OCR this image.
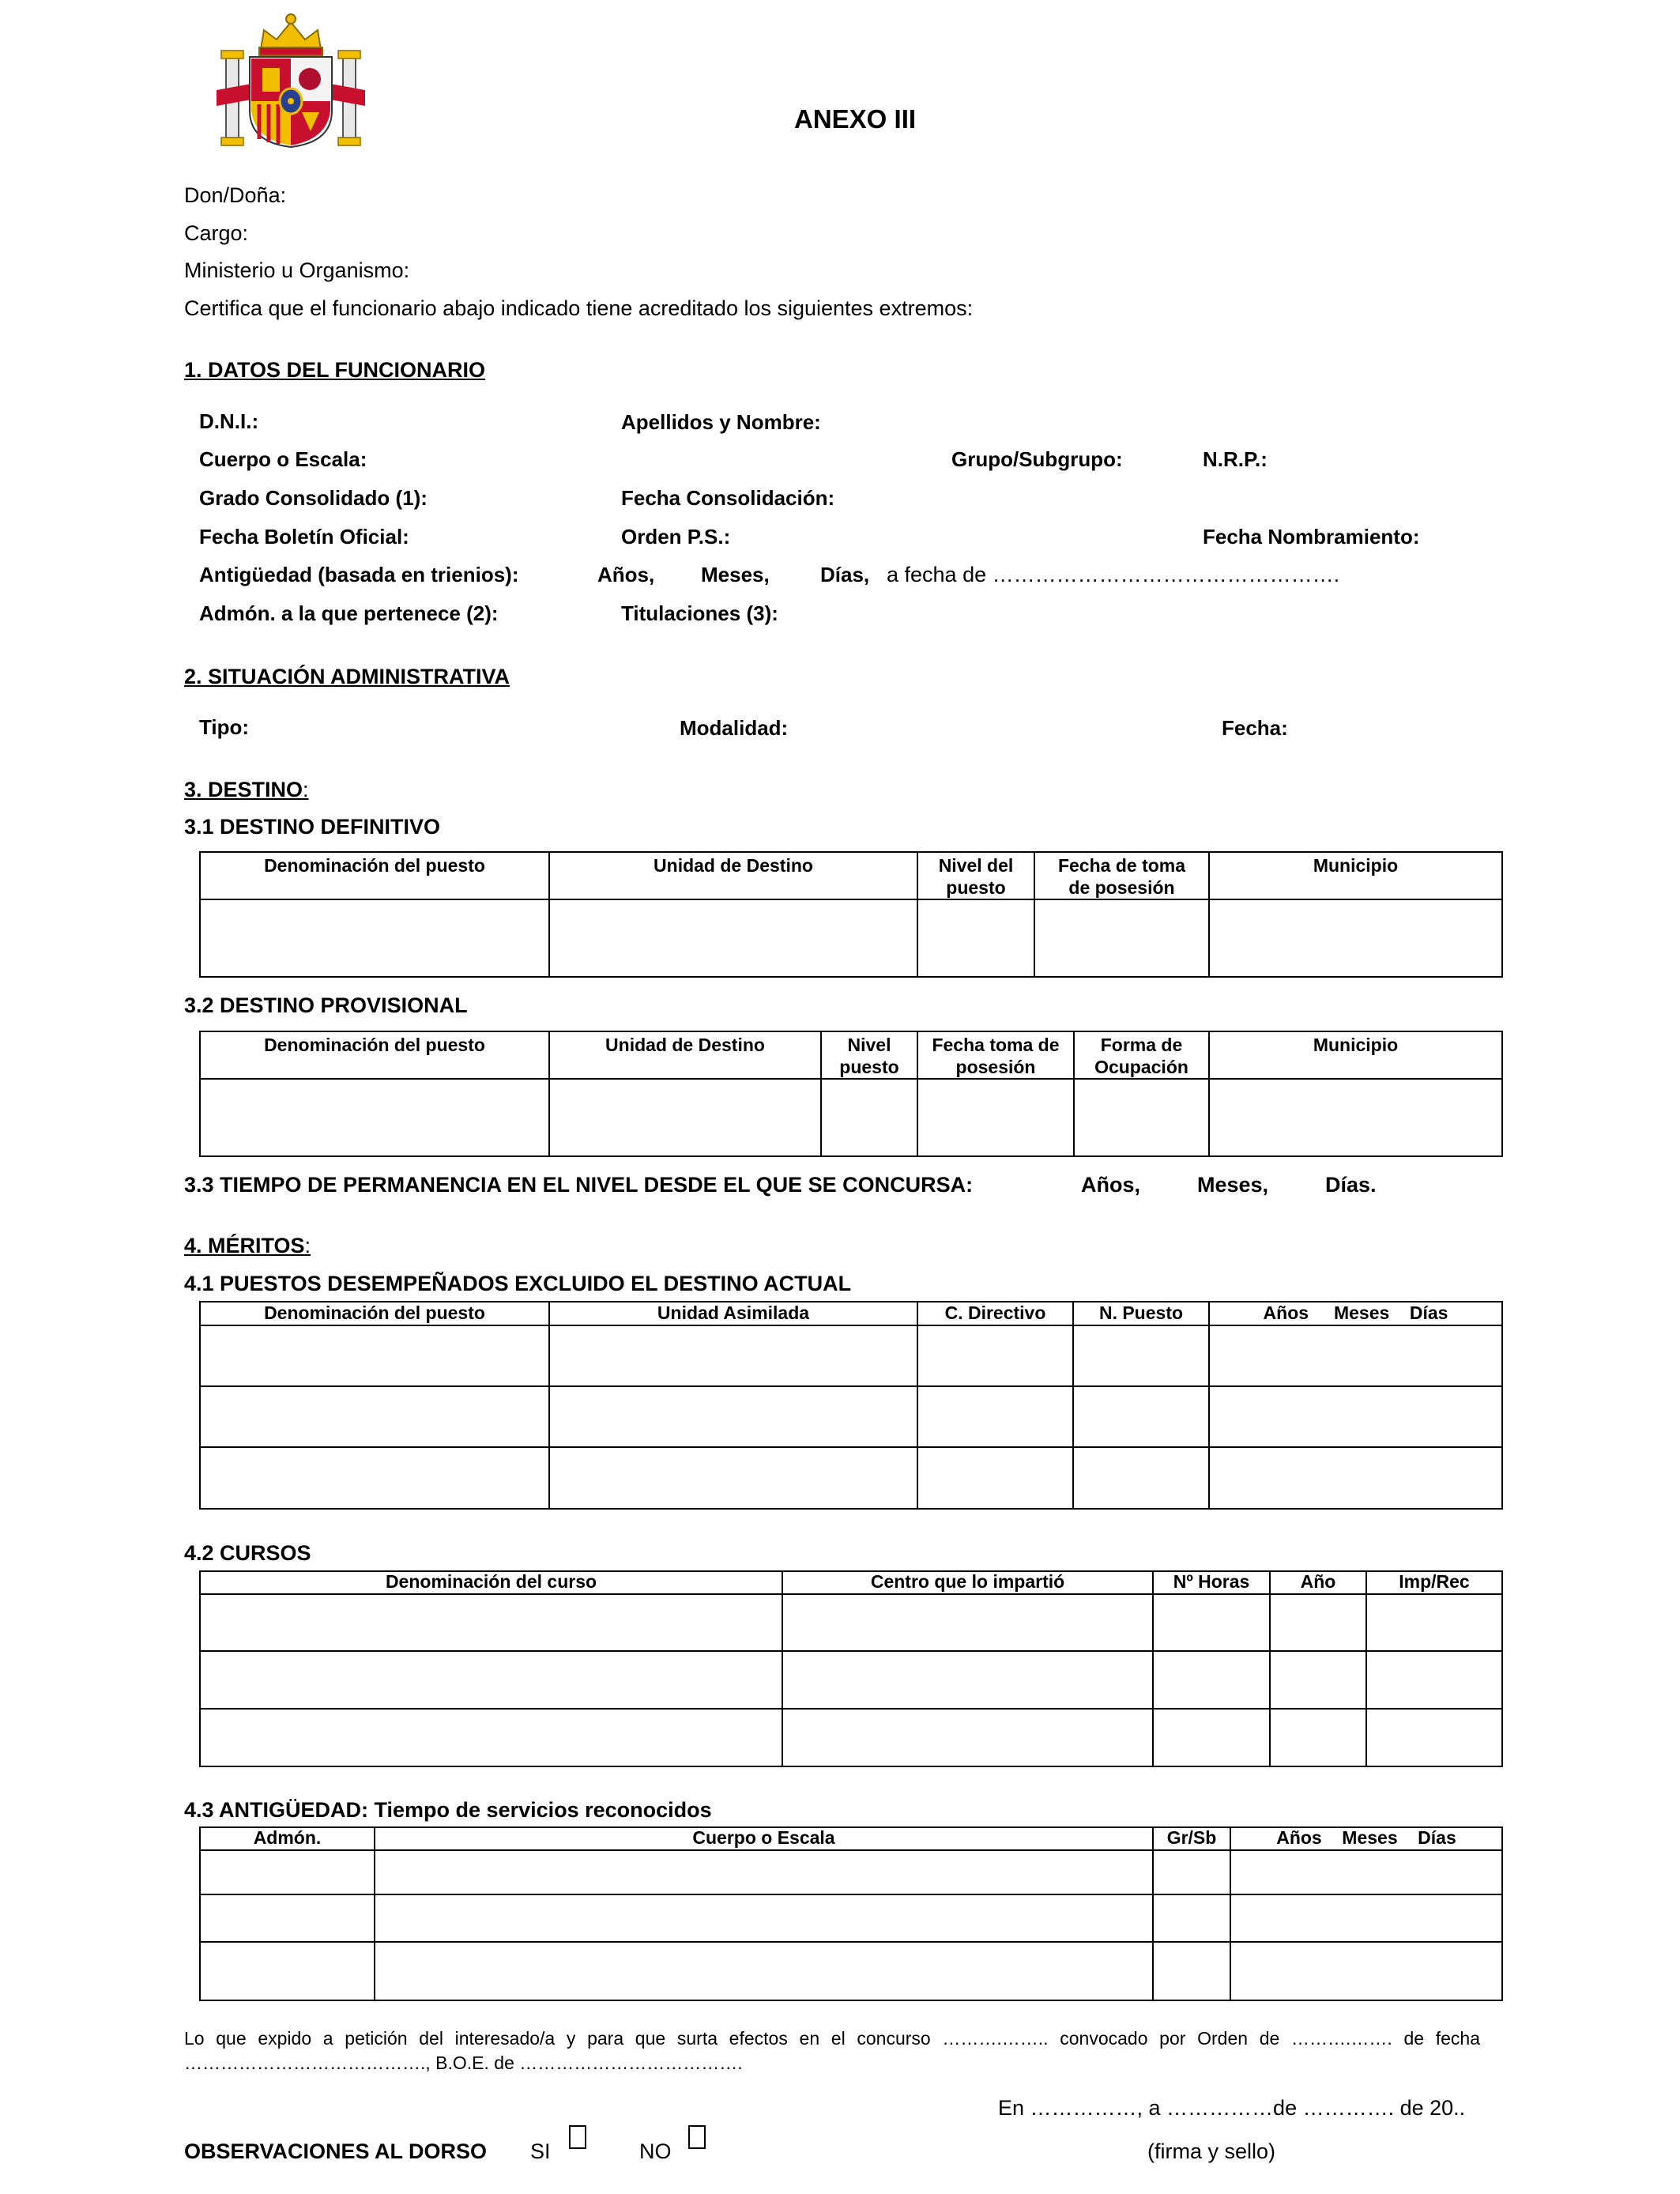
ANEXO III
Don/Doña:
Cargo:
Ministerio u Organismo:
Certifica que el funcionario abajo indicado tiene acreditado los siguientes extremos:
1. DATOS DEL FUNCIONARIO
D.N.I.:	Apellidos y Nombre:
Cuerpo o Escala:	Grupo/Subgrupo:	N.R.P.:
Grado Consolidado (1):	Fecha Consolidación:
Fecha Boletín Oficial:	Orden P.S.:	Fecha Nombramiento:
Antigüedad (basada en trienios):	Años, Meses, Días, a fecha de ………………………………………….
Admón. a la que pertenece (2):	Titulaciones (3):
2. SITUACIÓN ADMINISTRATIVA
Tipo:	Modalidad:	Fecha:
3. DESTINO:
3.1 DESTINO DEFINITIVO
Denominación del puesto	Unidad de Destino	Nivel del puesto	Fecha de toma de posesión	Municipio

3.2 DESTINO PROVISIONAL
Denominación del puesto	Unidad de Destino	Nivel puesto	Fecha toma de posesión	Forma de Ocupación	Municipio

3.3 TIEMPO DE PERMANENCIA EN EL NIVEL DESDE EL QUE SE CONCURSA:	Años,	Meses,	Días.
4. MÉRITOS:
4.1 PUESTOS DESEMPEÑADOS EXCLUIDO EL DESTINO ACTUAL
Denominación del puesto	Unidad Asimilada	C. Directivo	N. Puesto	Años Meses Días

4.2 CURSOS
Denominación del curso	Centro que lo impartió	Nº Horas	Año	Imp/Rec

4.3 ANTIGÜEDAD: Tiempo de servicios reconocidos
Admón.	Cuerpo o Escala	Gr/Sb	Años Meses Días

Lo que expido a petición del interesado/a y para que surta efectos en el concurso ……….…….. convocado por Orden de ……….……. de fecha …………………………………., B.O.E. de ……………………………….
En ……………, a ……………de …………. de 20..
OBSERVACIONES AL DORSO SI	NO	(firma y sello)
